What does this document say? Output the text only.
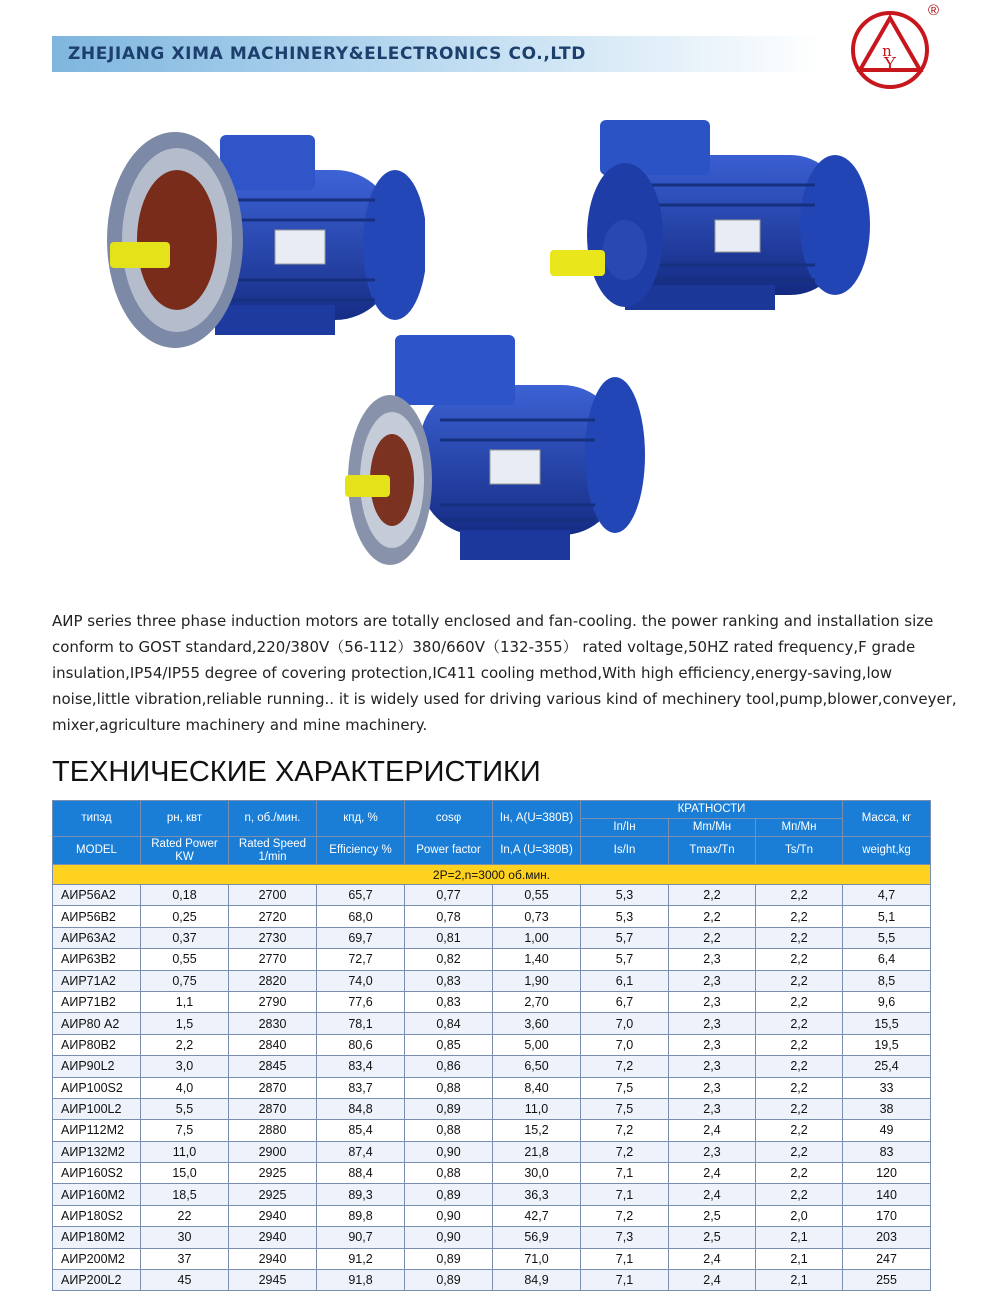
ZHEJIANG XIMA MACHINERY&ELECTRONICS CO.,LTD	n
Y
®

AИP series three phase induction motors are totally enclosed and fan-cooling. the power ranking and installation size

conform to GOST standard,220/380V（56-112）380/660V（132-355） rated voltage,50HZ rated frequency,F grade

insulation,IP54/IP55 degree of covering protection,IC411 cooling method,With high efficiency,energy-saving,low

noise,little vibration,reliable running.. it is widely used for driving various kind of mechinery tool,pump,blower,conveyer,

mixer,agriculture machinery and mine machinery.

ТЕХНИЧЕСКИЕ ХАРАКТЕРИСТИКИ
типэд	pн, квт	n, об./мин.	кпд, %	cosφ	Iн, A(U=380B)	КРАТНОСТИ			Масса, кг
						Iп/Iн	Мm/Мн	Мп/Мн	
MODEL	Rated Power KW	Rated Speed 1/min	Efficiency %	Power factor	In,A (U=380B)	Is/In	Tmax/Tn	Ts/Tn	weight,kg
2P=2,n=3000 об.мин.									
АИР56А2	0,18	2700	65,7	0,77	0,55	5,3	2,2	2,2	4,7
АИР56В2	0,25	2720	68,0	0,78	0,73	5,3	2,2	2,2	5,1
АИР63А2	0,37	2730	69,7	0,81	1,00	5,7	2,2	2,2	5,5
АИР63В2	0,55	2770	72,7	0,82	1,40	5,7	2,3	2,2	6,4
АИР71А2	0,75	2820	74,0	0,83	1,90	6,1	2,3	2,2	8,5
АИР71В2	1,1	2790	77,6	0,83	2,70	6,7	2,3	2,2	9,6
АИР80 А2	1,5	2830	78,1	0,84	3,60	7,0	2,3	2,2	15,5
АИР80В2	2,2	2840	80,6	0,85	5,00	7,0	2,3	2,2	19,5
АИР90L2	3,0	2845	83,4	0,86	6,50	7,2	2,3	2,2	25,4
АИР100S2	4,0	2870	83,7	0,88	8,40	7,5	2,3	2,2	33
АИР100L2	5,5	2870	84,8	0,89	11,0	7,5	2,3	2,2	38
АИР112М2	7,5	2880	85,4	0,88	15,2	7,2	2,4	2,2	49
АИР132М2	11,0	2900	87,4	0,90	21,8	7,2	2,3	2,2	83
АИР160S2	15,0	2925	88,4	0,88	30,0	7,1	2,4	2,2	120
АИР160М2	18,5	2925	89,3	0,89	36,3	7,1	2,4	2,2	140
АИР180S2	22	2940	89,8	0,90	42,7	7,2	2,5	2,0	170
АИР180М2	30	2940	90,7	0,90	56,9	7,3	2,5	2,1	203
АИР200М2	37	2940	91,2	0,89	71,0	7,1	2,4	2,1	247
АИР200L2	45	2945	91,8	0,89	84,9	7,1	2,4	2,1	255
